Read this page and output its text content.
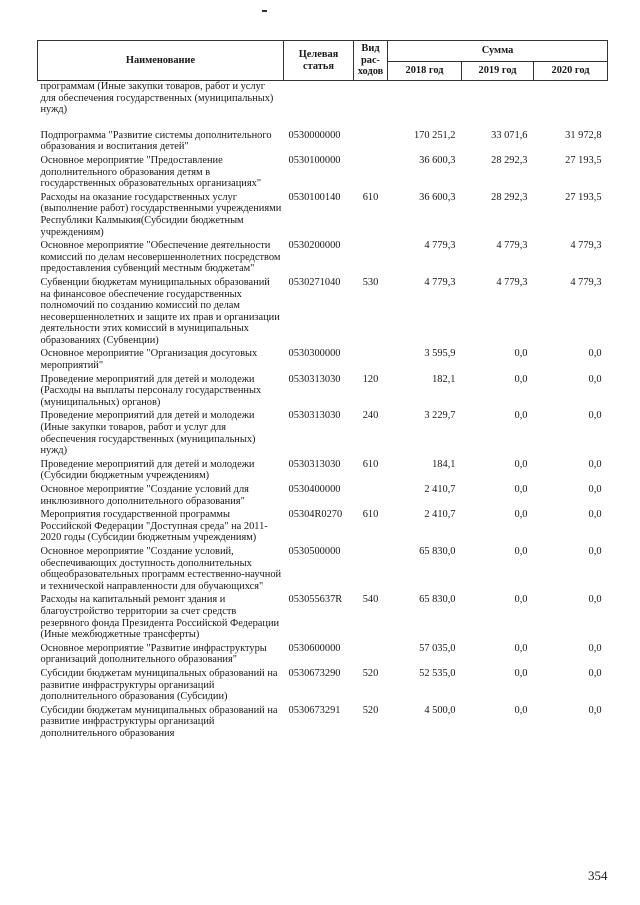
Наименование	Целевая статья	Вид рас-ходов	Сумма		
			2018 год	2019 год	2020 год
программам (Иные закупки товаров, работ и услуг для обеспечения государственных (муниципальных) нужд)					
Подпрограмма "Развитие системы дополнительного образования и воспитания детей"	0530000000		170 251,2	33 071,6	31 972,8
Основное мероприятие "Предоставление дополнительного образования детям в государственных образовательных организациях"	0530100000		36 600,3	28 292,3	27 193,5
Расходы на оказание государственных услуг (выполнение работ) государственными учреждениями Республики Калмыкия(Субсидии бюджетным учреждениям)	0530100140	610	36 600,3	28 292,3	27 193,5
Основное мероприятие "Обеспечение деятельности комиссий по делам несовершеннолетних посредством предоставления субвенций местным бюджетам"	0530200000		4 779,3	4 779,3	4 779,3
Субвенции бюджетам муниципальных образований на финансовое обеспечение государственных полномочий по созданию комиссий по делам несовершеннолетних и защите их прав и организации деятельности этих комиссий в муниципальных образованиях (Субвенции)	0530271040	530	4 779,3	4 779,3	4 779,3
Основное мероприятие "Организация досуговых мероприятий"	0530300000		3 595,9	0,0	0,0
Проведение мероприятий для детей и молодежи (Расходы на выплаты персоналу государственных (муниципальных) органов)	0530313030	120	182,1	0,0	0,0
Проведение мероприятий для детей и молодежи (Иные закупки товаров, работ и услуг для обеспечения государственных (муниципальных) нужд)	0530313030	240	3 229,7	0,0	0,0
Проведение мероприятий для детей и молодежи (Субсидии бюджетным учреждениям)	0530313030	610	184,1	0,0	0,0
Основное мероприятие "Создание условий для инклюзивного дополнительного образования"	0530400000		2 410,7	0,0	0,0
Мероприятия государственной программы Российской Федерации "Доступная среда" на 2011-2020 годы (Субсидии бюджетным учреждениям)	05304R0270	610	2 410,7	0,0	0,0
Основное мероприятие "Создание условий, обеспечивающих доступность дополнительных общеобразовательных программ естественно-научной и технической направленности для обучающихся"	0530500000		65 830,0	0,0	0,0
Расходы на капитальный ремонт здания и благоустройство территории за счет средств резервного фонда Президента Российской Федерации (Иные межбюджетные трансферты)	053055637R	540	65 830,0	0,0	0,0
Основное мероприятие "Развитие инфраструктуры организаций дополнительного образования"	0530600000		57 035,0	0,0	0,0
Субсидии бюджетам муниципальных образований на развитие инфраструктуры организаций дополнительного образования (Субсидии)	0530673290	520	52 535,0	0,0	0,0
Субсидии бюджетам муниципальных образований на развитие инфраструктуры организаций дополнительного образования	0530673291	520	4 500,0	0,0	0,0
354
